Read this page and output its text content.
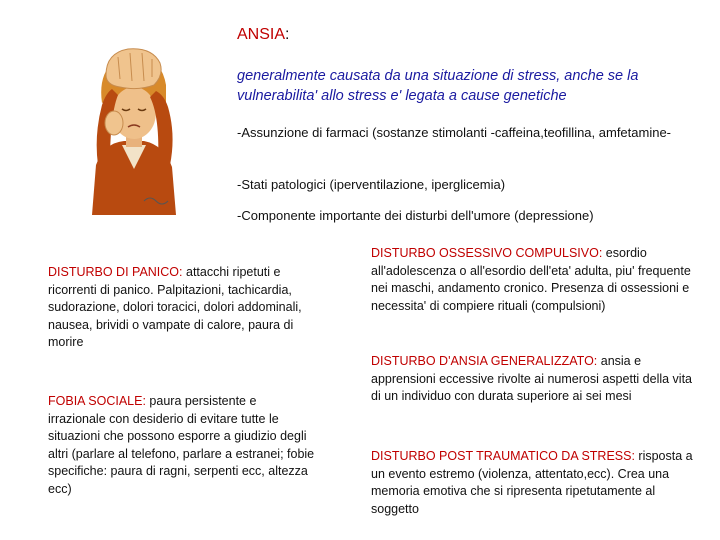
ANSIA:
generalmente causata da una situazione di stress, anche se la vulnerabilita' allo stress e' legata a cause genetiche
-Assunzione di farmaci (sostanze stimolanti -caffeina,teofillina, amfetamine-
-Stati patologici (iperventilazione, iperglicemia)
-Componente importante dei disturbi dell'umore (depressione)
DISTURBO DI PANICO: attacchi ripetuti e ricorrenti di panico. Palpitazioni, tachicardia, sudorazione, dolori toracici, dolori addominali, nausea, brividi o vampate di calore, paura di morire
FOBIA SOCIALE: paura persistente e irrazionale con desiderio di evitare tutte le situazioni che possono esporre a giudizio degli altri (parlare al telefono, parlare a estranei; fobie specifiche: paura di ragni, serpenti ecc, altezza ecc)
DISTURBO OSSESSIVO COMPULSIVO: esordio all'adolescenza o all'esordio dell'eta' adulta, piu' frequente nei maschi, andamento cronico. Presenza di ossessioni e necessita' di compiere rituali (compulsioni)
DISTURBO D'ANSIA GENERALIZZATO: ansia e apprensioni eccessive rivolte ai numerosi aspetti della vita di un individuo con durata superiore ai sei mesi
DISTURBO POST TRAUMATICO DA STRESS: risposta a un evento estremo (violenza, attentato,ecc). Crea una memoria emotiva che si ripresenta ripetutamente al soggetto
